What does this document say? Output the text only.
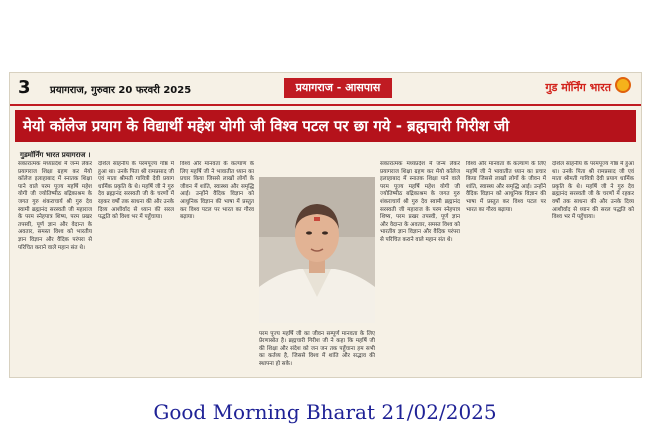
3 प्रयागराज, गुरुवार 20 फरवरी 2025	प्रयागराज - आसपास	गुड मॉर्निंग भारत
मेयो कॉलेज प्रयाग के विद्यार्थी महेश योगी जी विश्व पटल पर छा गये - ब्रह्मचारी गिरीश जी
गुडमॉर्निंग भारत प्रयागराज ।

सकारात्मक मध्यप्रदेश में जन्म लेकर प्रयागराज शिक्षा ग्रहण कर मेयो कॉलेज इलाहाबाद में स्नातक शिक्षा पाने वाले परम पूज्य महर्षि महेश योगी जी ज्योतिष्पीठ बद्रिकाश्रम के जगत गुरु शंकराचार्य श्री गुरु देव स्वामी ब्रह्मानंद सरस्वती जी महाराज के परम स्नेहपात्र शिष्य, परम प्रखर तपस्वी, पूर्ण ज्ञान और वेदान्त के अवतार, समस्त विश्व को भारतीय ज्ञान विज्ञान और वैदिक परंपरा से परिचित कराने वाले महान संत थे।

दशिल साहनीय के परमपूज्य गोष्ठ में हुआ था। उनके पिता श्री रामप्रसाद जी एवं माता श्रीमती गायित्री देवी प्रयाग धार्मिक प्रकृति के थे। महर्षि जी ने गुरु देव ब्रह्मानंद सरस्वती जी के चरणों में रहकर वर्षों तक साधना की और उनके दिव्य आशीर्वाद से ध्यान की सरल पद्धति को विश्व भर में पहुँचाया।

विश्व और मानवता के कल्याण के लिए महर्षि जी ने भावातीत ध्यान का प्रचार किया जिससे लाखों लोगों के जीवन में शांति, स्वास्थ्य और समृद्धि आई। उन्होंने वैदिक विज्ञान को आधुनिक विज्ञान की भाषा में प्रस्तुत कर विश्व पटल पर भारत का गौरव बढ़ाया।

परम पूज्य महर्षि जी का जीवन सम्पूर्ण मानवता के लिए प्रेरणास्रोत है। ब्रह्मचारी गिरीश जी ने कहा कि महर्षि जी की शिक्षा और संदेश को जन जन तक पहुँचाना हम सभी का कर्तव्य है, जिससे विश्व में शांति और सद्भाव की स्थापना हो सके।

सकारात्मक मध्यप्रदेश में जन्म लेकर प्रयागराज शिक्षा ग्रहण कर मेयो कॉलेज इलाहाबाद में स्नातक शिक्षा पाने वाले परम पूज्य महर्षि महेश योगी जी ज्योतिष्पीठ बद्रिकाश्रम के जगत गुरु शंकराचार्य श्री गुरु देव स्वामी ब्रह्मानंद सरस्वती जी महाराज के परम स्नेहपात्र शिष्य, परम प्रखर तपस्वी, पूर्ण ज्ञान और वेदान्त के अवतार, समस्त विश्व को भारतीय ज्ञान विज्ञान और वैदिक परंपरा से परिचित कराने वाले महान संत थे।

विश्व और मानवता के कल्याण के लिए महर्षि जी ने भावातीत ध्यान का प्रचार किया जिससे लाखों लोगों के जीवन में शांति, स्वास्थ्य और समृद्धि आई। उन्होंने वैदिक विज्ञान को आधुनिक विज्ञान की भाषा में प्रस्तुत कर विश्व पटल पर भारत का गौरव बढ़ाया।

दशिल साहनीय के परमपूज्य गोष्ठ में हुआ था। उनके पिता श्री रामप्रसाद जी एवं माता श्रीमती गायित्री देवी प्रयाग धार्मिक प्रकृति के थे। महर्षि जी ने गुरु देव ब्रह्मानंद सरस्वती जी के चरणों में रहकर वर्षों तक साधना की और उनके दिव्य आशीर्वाद से ध्यान की सरल पद्धति को विश्व भर में पहुँचाया।

Good Morning Bharat 21/02/2025
